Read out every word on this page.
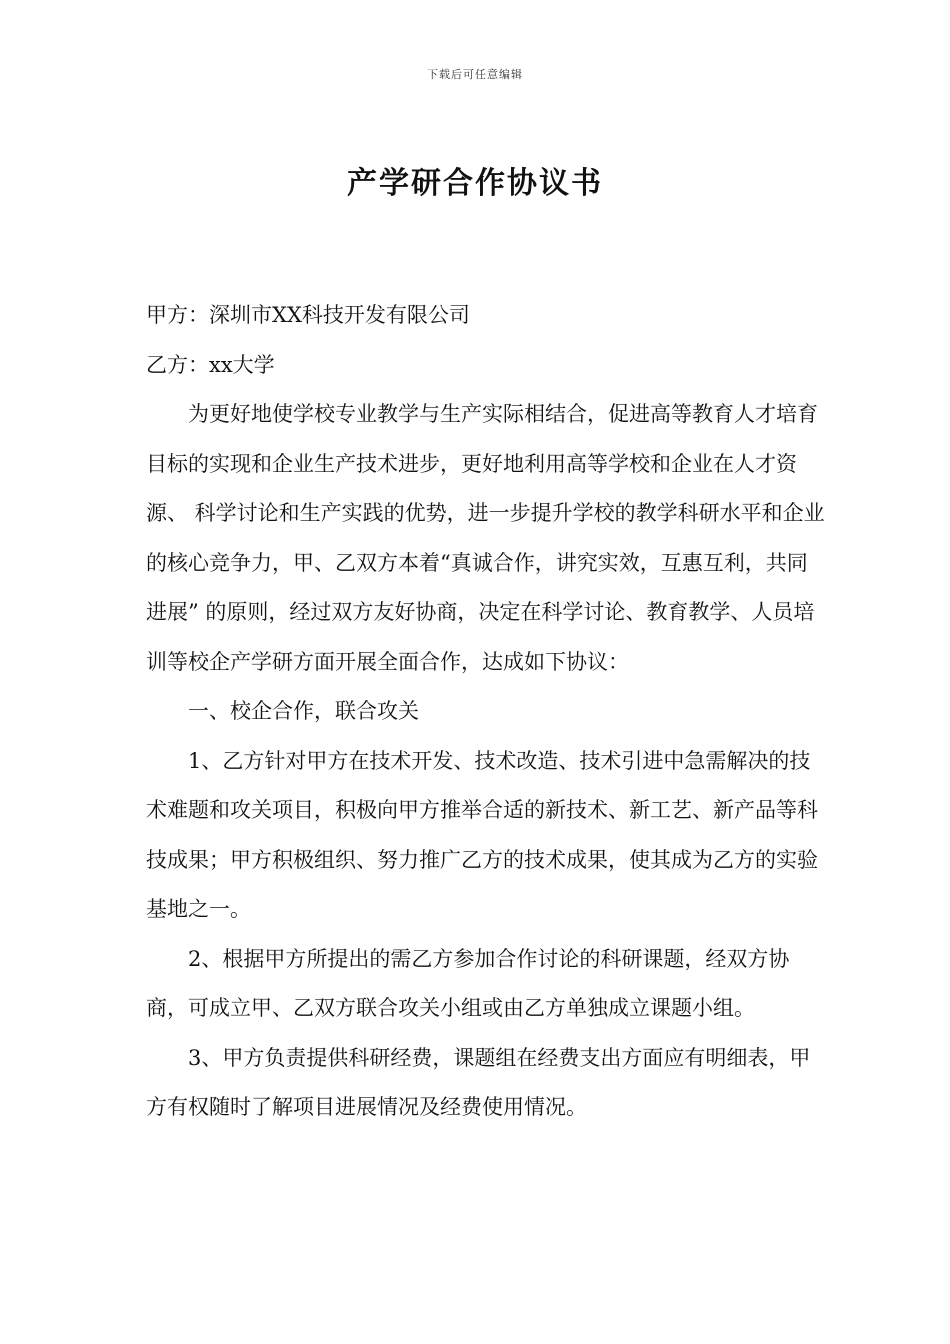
下载后可任意编辑
产学研合作协议书

甲方：深圳市XX科技开发有限公司

乙方：xx大学

为更好地使学校专业教学与生产实际相结合，促进高等教育人才培育目标的实现和企业生产技术进步，更好地利用高等学校和企业在人才资源、 科学讨论和生产实践的优势，进一步提升学校的教学科研水平和企业的核心竞争力，甲、乙双方本着“真诚合作，讲究实效，互惠互利，共同进展” 的原则，经过双方友好协商，决定在科学讨论、教育教学、人员培训等校企产学研方面开展全面合作，达成如下协议：

一、校企合作，联合攻关

1、乙方针对甲方在技术开发、技术改造、技术引进中急需解决的技术难题和攻关项目，积极向甲方推举合适的新技术、新工艺、新产品等科技成果；甲方积极组织、努力推广乙方的技术成果，使其成为乙方的实验基地之一。

2、根据甲方所提出的需乙方参加合作讨论的科研课题，经双方协商，可成立甲、乙双方联合攻关小组或由乙方单独成立课题小组。

3、甲方负责提供科研经费，课题组在经费支出方面应有明细表，甲方有权随时了解项目进展情况及经费使用情况。
